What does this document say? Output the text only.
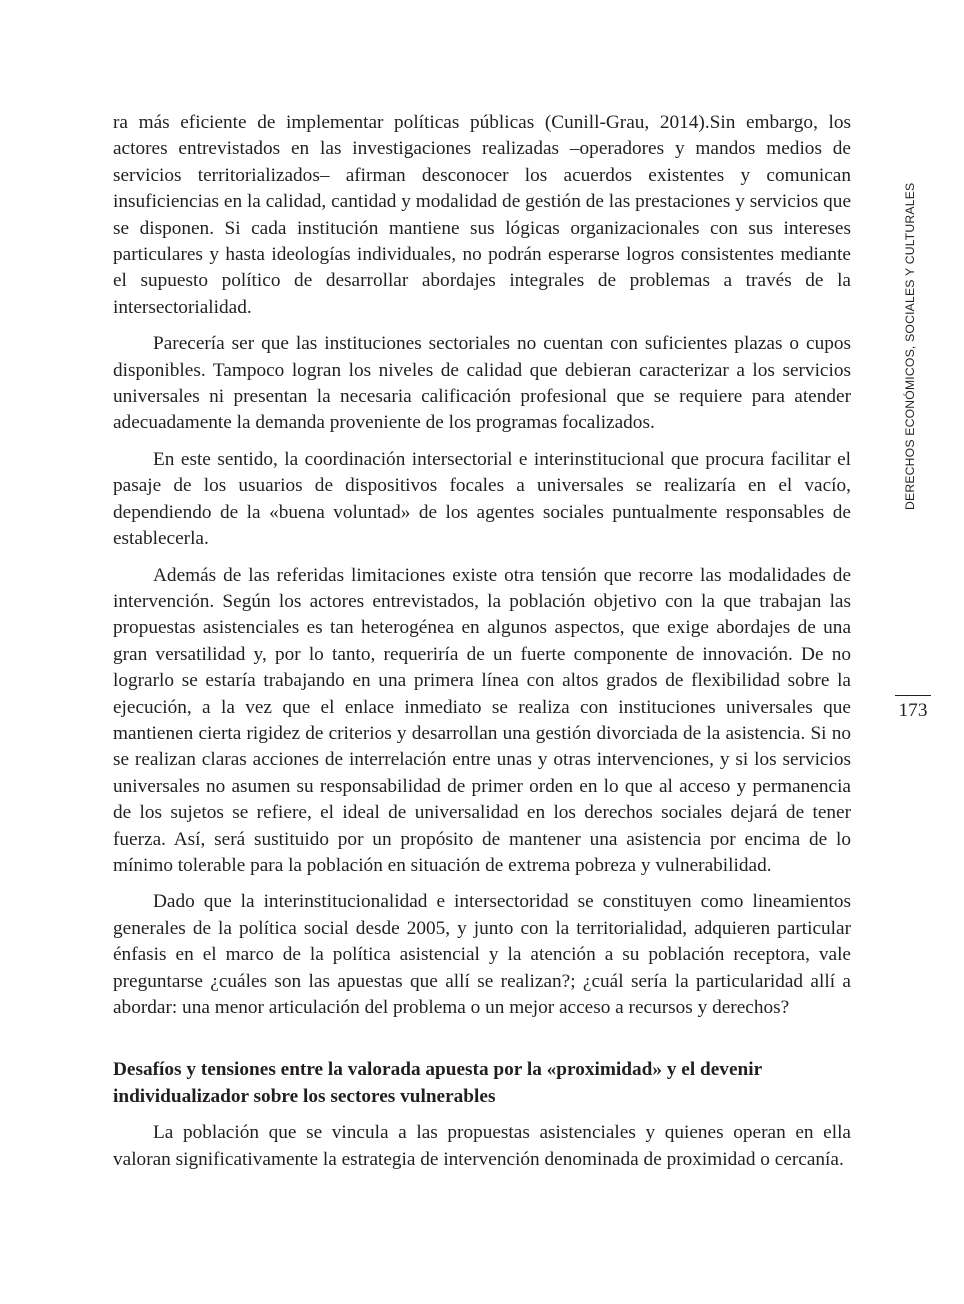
ra más eficiente de implementar políticas públicas (Cunill-Grau, 2014).Sin embargo, los actores entrevistados en las investigaciones realizadas –operadores y mandos medios de servicios territorializados– afirman desconocer los acuerdos existentes y comunican insuficiencias en la calidad, cantidad y modalidad de gestión de las prestaciones y servicios que se disponen. Si cada institución mantiene sus lógicas organizacionales con sus intereses particulares y hasta ideologías individuales, no podrán esperarse logros consistentes mediante el supuesto político de desarrollar abordajes integrales de problemas a través de la intersectorialidad.

Parecería ser que las instituciones sectoriales no cuentan con suficientes plazas o cupos disponibles. Tampoco logran los niveles de calidad que debieran caracterizar a los servicios universales ni presentan la necesaria calificación profesional que se requiere para atender adecuadamente la demanda proveniente de los programas focalizados.

En este sentido, la coordinación intersectorial e interinstitucional que procura facilitar el pasaje de los usuarios de dispositivos focales a universales se realizaría en el vacío, dependiendo de la «buena voluntad» de los agentes sociales puntualmente responsables de establecerla.

Además de las referidas limitaciones existe otra tensión que recorre las modalidades de intervención. Según los actores entrevistados, la población objetivo con la que trabajan las propuestas asistenciales es tan heterogénea en algunos aspectos, que exige abordajes de una gran versatilidad y, por lo tanto, requeriría de un fuerte componente de innovación. De no lograrlo se estaría trabajando en una primera línea con altos grados de flexibilidad sobre la ejecución, a la vez que el enlace inmediato se realiza con instituciones universales que mantienen cierta rigidez de criterios y desarrollan una gestión divorciada de la asistencia. Si no se realizan claras acciones de interrelación entre unas y otras intervenciones, y si los servicios universales no asumen su responsabilidad de primer orden en lo que al acceso y permanencia de los sujetos se refiere, el ideal de universalidad en los derechos sociales dejará de tener fuerza. Así, será sustituido por un propósito de mantener una asistencia por encima de lo mínimo tolerable para la población en situación de extrema pobreza y vulnerabilidad.

Dado que la interinstitucionalidad e intersectoridad se constituyen como lineamientos generales de la política social desde 2005, y junto con la territorialidad, adquieren particular énfasis en el marco de la política asistencial y la atención a su población receptora, vale preguntarse ¿cuáles son las apuestas que allí se realizan?; ¿cuál sería la particularidad allí a abordar: una menor articulación del problema o un mejor acceso a recursos y derechos?

Desafíos y tensiones entre la valorada apuesta por la «proximidad» y el devenir individualizador sobre los sectores vulnerables

La población que se vincula a las propuestas asistenciales y quienes operan en ella valoran significativamente la estrategia de intervención denominada de proximidad o cercanía.

DERECHOS ECONÓMICOS, SOCIALES Y CULTURALES
173
